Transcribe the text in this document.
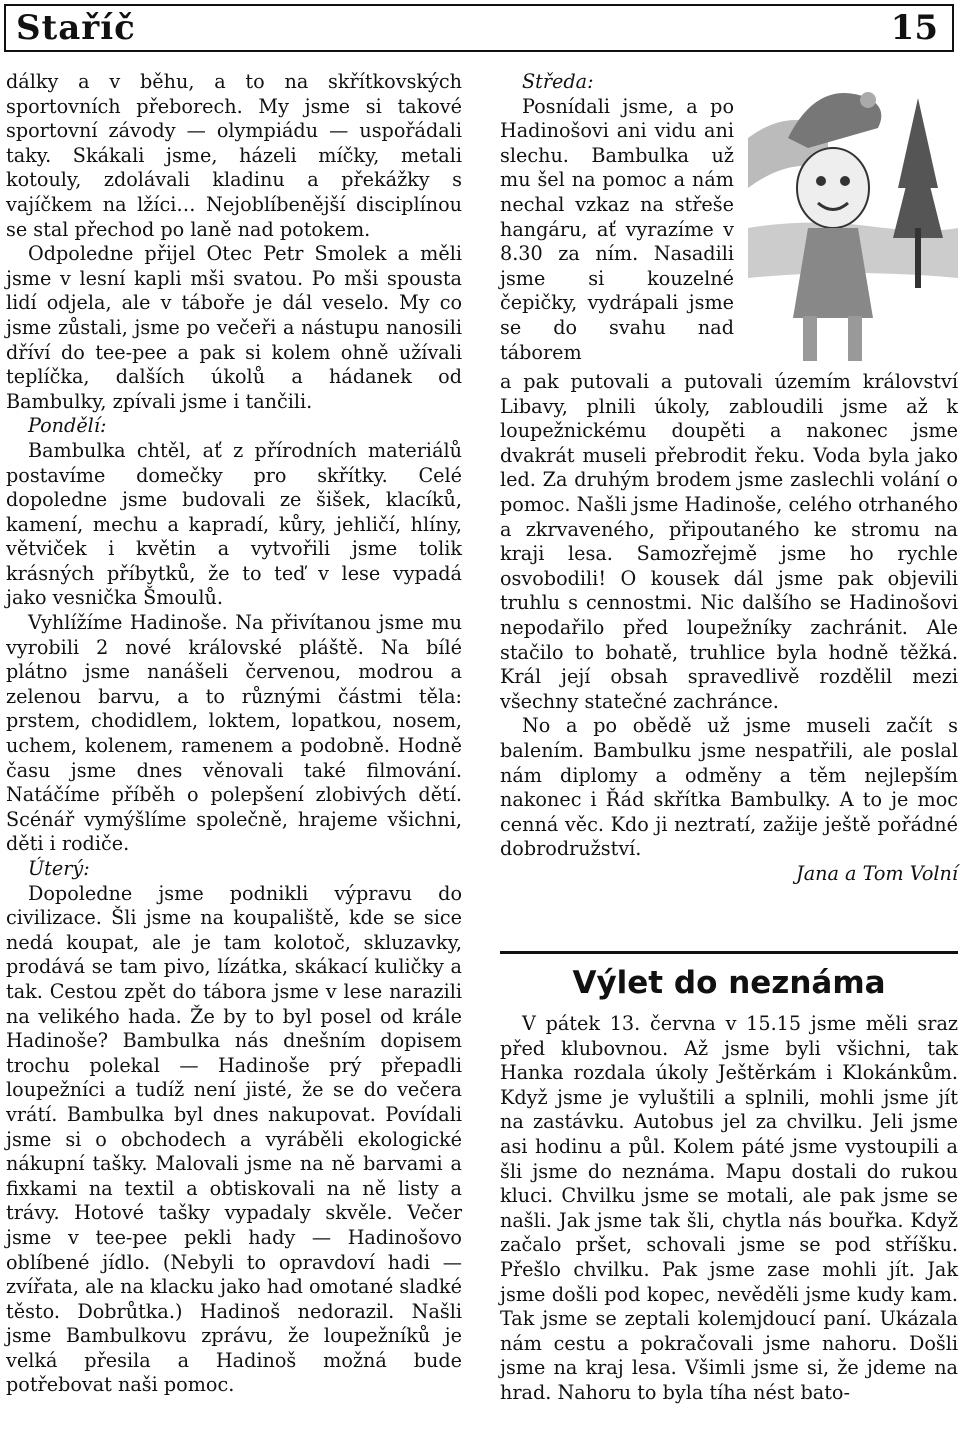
Staříč	15

dálky a v běhu, a to na skřítkovských sportovních přeborech. My jsme si takové sportovní závody — olympiádu — uspořádali taky. Skákali jsme, házeli míčky, metali kotouly, zdolávali kladinu a překážky s vajíčkem na lžíci… Nejoblíbenější disciplínou se stal přechod po laně nad potokem.

Odpoledne přijel Otec Petr Smolek a měli jsme v lesní kapli mši svatou. Po mši spousta lidí odjela, ale v táboře je dál veselo. My co jsme zůstali, jsme po večeři a nástupu nanosili dříví do tee-pee a pak si kolem ohně užívali teplíčka, dalších úkolů a hádanek od Bambulky, zpívali jsme i tančili.

Pondělí:

Bambulka chtěl, ať z přírodních materiálů postavíme domečky pro skřítky. Celé dopoledne jsme budovali ze šišek, klacíků, kamení, mechu a kapradí, kůry, jehličí, hlíny, větviček i květin a vytvořili jsme tolik krásných příbytků, že to teď v lese vypadá jako vesnička Šmoulů.

Vyhlížíme Hadinoše. Na přivítanou jsme mu vyrobili 2 nové královské pláště. Na bílé plátno jsme nanášeli červenou, modrou a zelenou barvu, a to různými částmi těla: prstem, chodidlem, loktem, lopatkou, nosem, uchem, kolenem, ramenem a podobně. Hodně času jsme dnes věnovali také filmování. Natáčíme příběh o polepšení zlobivých dětí. Scénář vymýšlíme společně, hrajeme všichni, děti i rodiče.

Úterý:

Dopoledne jsme podnikli výpravu do civilizace. Šli jsme na koupaliště, kde se sice nedá koupat, ale je tam kolotoč, skluzavky, prodává se tam pivo, lízátka, skákací kuličky a tak. Cestou zpět do tábora jsme v lese narazili na velikého hada. Že by to byl posel od krále Hadinoše? Bambulka nás dnešním dopisem trochu polekal — Hadinoše prý přepadli loupežníci a tudíž není jisté, že se do večera vrátí. Bambulka byl dnes nakupovat. Povídali jsme si o obchodech a vyráběli ekologické nákupní tašky. Malovali jsme na ně barvami a fixkami na textil a obtiskovali na ně listy a trávy. Hotové tašky vypadaly skvěle. Večer jsme v tee-pee pekli hady — Hadinošovo oblíbené jídlo. (Nebyli to opravdoví hadi — zvířata, ale na klacku jako had omotané sladké těsto. Dobrůtka.) Hadinoš nedorazil. Našli jsme Bambulkovu zprávu, že loupežníků je velká přesila a Hadinoš možná bude potřebovat naši pomoc.

Středa:

Posnídali jsme, a po Hadinošovi ani vidu ani slechu. Bambulka už mu šel na pomoc a nám nechal vzkaz na střeše hangáru, ať vyrazíme v 8.30 za ním. Nasadili jsme si kouzelné čepičky, vydrápali jsme se do svahu nad táborem

a pak putovali a putovali územím království Libavy, plnili úkoly, zabloudili jsme až k loupežnickému doupěti a nakonec jsme dvakrát museli přebrodit řeku. Voda byla jako led. Za druhým brodem jsme zaslechli volání o pomoc. Našli jsme Hadinoše, celého otrhaného a zkrvaveného, připoutaného ke stromu na kraji lesa. Samozřejmě jsme ho rychle osvobodili! O kousek dál jsme pak objevili truhlu s cennostmi. Nic dalšího se Hadinošovi nepodařilo před loupežníky zachránit. Ale stačilo to bohatě, truhlice byla hodně těžká. Král její obsah spravedlivě rozdělil mezi všechny statečné zachránce.

No a po obědě už jsme museli začít s balením. Bambulku jsme nespatřili, ale poslal nám diplomy a odměny a těm nejlepším nakonec i Řád skřítka Bambulky. A to je moc cenná věc. Kdo ji neztratí, zažije ještě pořádné dobrodružství.

Jana a Tom Volní

Výlet do neznáma

V pátek 13. června v 15.15 jsme měli sraz před klubovnou. Až jsme byli všichni, tak Hanka rozdala úkoly Ještěrkám i Klokánkům. Když jsme je vyluštili a splnili, mohli jsme jít na zastávku. Autobus jel za chvilku. Jeli jsme asi hodinu a půl. Kolem páté jsme vystoupili a šli jsme do neznáma. Mapu dostali do rukou kluci. Chvilku jsme se motali, ale pak jsme se našli. Jak jsme tak šli, chytla nás bouřka. Když začalo pršet, schovali jsme se pod stříšku. Přešlo chvilku. Pak jsme zase mohli jít. Jak jsme došli pod kopec, nevěděli jsme kudy kam. Tak jsme se zeptali kolemjdoucí paní. Ukázala nám cestu a pokračovali jsme nahoru. Došli jsme na kraj lesa. Všimli jsme si, že jdeme na hrad. Nahoru to byla tíha nést bato-
